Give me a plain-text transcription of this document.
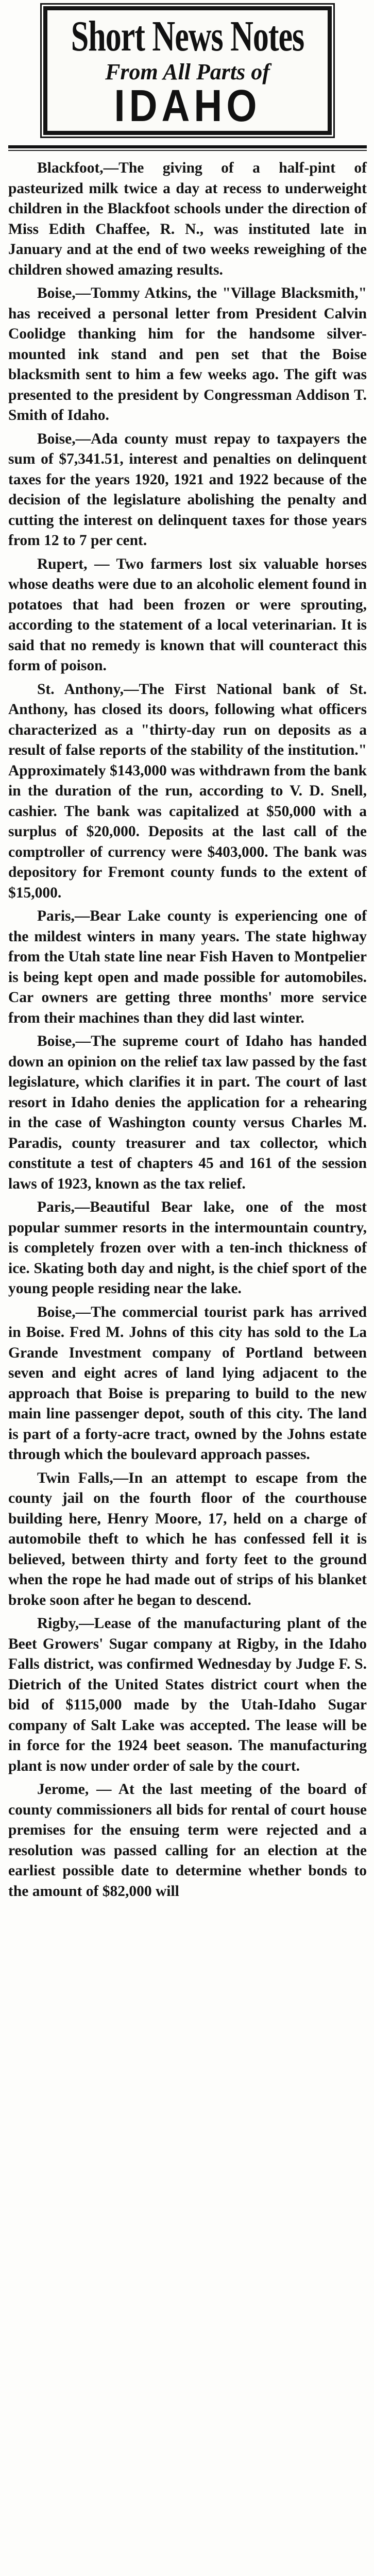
Short News Notes
From All Parts of
IDAHO

Blackfoot,—The giving of a half-pint of pasteurized milk twice a day at recess to underweight children in the Blackfoot schools under the direction of Miss Edith Chaffee, R. N., was instituted late in January and at the end of two weeks reweighing of the children showed amazing results.

Boise,—Tommy Atkins, the "Village Blacksmith," has received a personal letter from President Calvin Coolidge thanking him for the handsome silver-mounted ink stand and pen set that the Boise blacksmith sent to him a few weeks ago. The gift was presented to the president by Congressman Addison T. Smith of Idaho.

Boise,—Ada county must repay to taxpayers the sum of $7,341.51, interest and penalties on delinquent taxes for the years 1920, 1921 and 1922 because of the decision of the legislature abolishing the penalty and cutting the interest on delinquent taxes for those years from 12 to 7 per cent.

Rupert, — Two farmers lost six valuable horses whose deaths were due to an alcoholic element found in potatoes that had been frozen or were sprouting, according to the statement of a local veterinarian. It is said that no remedy is known that will counteract this form of poison.

St. Anthony,—The First National bank of St. Anthony, has closed its doors, following what officers characterized as a "thirty-day run on deposits as a result of false reports of the stability of the institution." Approximately $143,000 was withdrawn from the bank in the duration of the run, according to V. D. Snell, cashier. The bank was capitalized at $50,000 with a surplus of $20,000. Deposits at the last call of the comptroller of currency were $403,000. The bank was depository for Fremont county funds to the extent of $15,000.

Paris,—Bear Lake county is experiencing one of the mildest winters in many years. The state highway from the Utah state line near Fish Haven to Montpelier is being kept open and made possible for automobiles. Car owners are getting three months' more service from their machines than they did last winter.

Boise,—The supreme court of Idaho has handed down an opinion on the relief tax law passed by the fast legislature, which clarifies it in part. The court of last resort in Idaho denies the application for a rehearing in the case of Washington county versus Charles M. Paradis, county treasurer and tax collector, which constitute a test of chapters 45 and 161 of the session laws of 1923, known as the tax relief.

Paris,—Beautiful Bear lake, one of the most popular summer resorts in the intermountain country, is completely frozen over with a ten-inch thickness of ice. Skating both day and night, is the chief sport of the young people residing near the lake.

Boise,—The commercial tourist park has arrived in Boise. Fred M. Johns of this city has sold to the La Grande Investment company of Portland between seven and eight acres of land lying adjacent to the approach that Boise is preparing to build to the new main line passenger depot, south of this city. The land is part of a forty-acre tract, owned by the Johns estate through which the boulevard approach passes.

Twin Falls,—In an attempt to escape from the county jail on the fourth floor of the courthouse building here, Henry Moore, 17, held on a charge of automobile theft to which he has confessed fell it is believed, between thirty and forty feet to the ground when the rope he had made out of strips of his blanket broke soon after he began to descend.

Rigby,—Lease of the manufacturing plant of the Beet Growers' Sugar company at Rigby, in the Idaho Falls district, was confirmed Wednesday by Judge F. S. Dietrich of the United States district court when the bid of $115,000 made by the Utah-Idaho Sugar company of Salt Lake was accepted. The lease will be in force for the 1924 beet season. The manufacturing plant is now under order of sale by the court.

Jerome, — At the last meeting of the board of county commissioners all bids for rental of court house premises for the ensuing term were rejected and a resolution was passed calling for an election at the earliest possible date to determine whether bonds to the amount of $82,000 will
